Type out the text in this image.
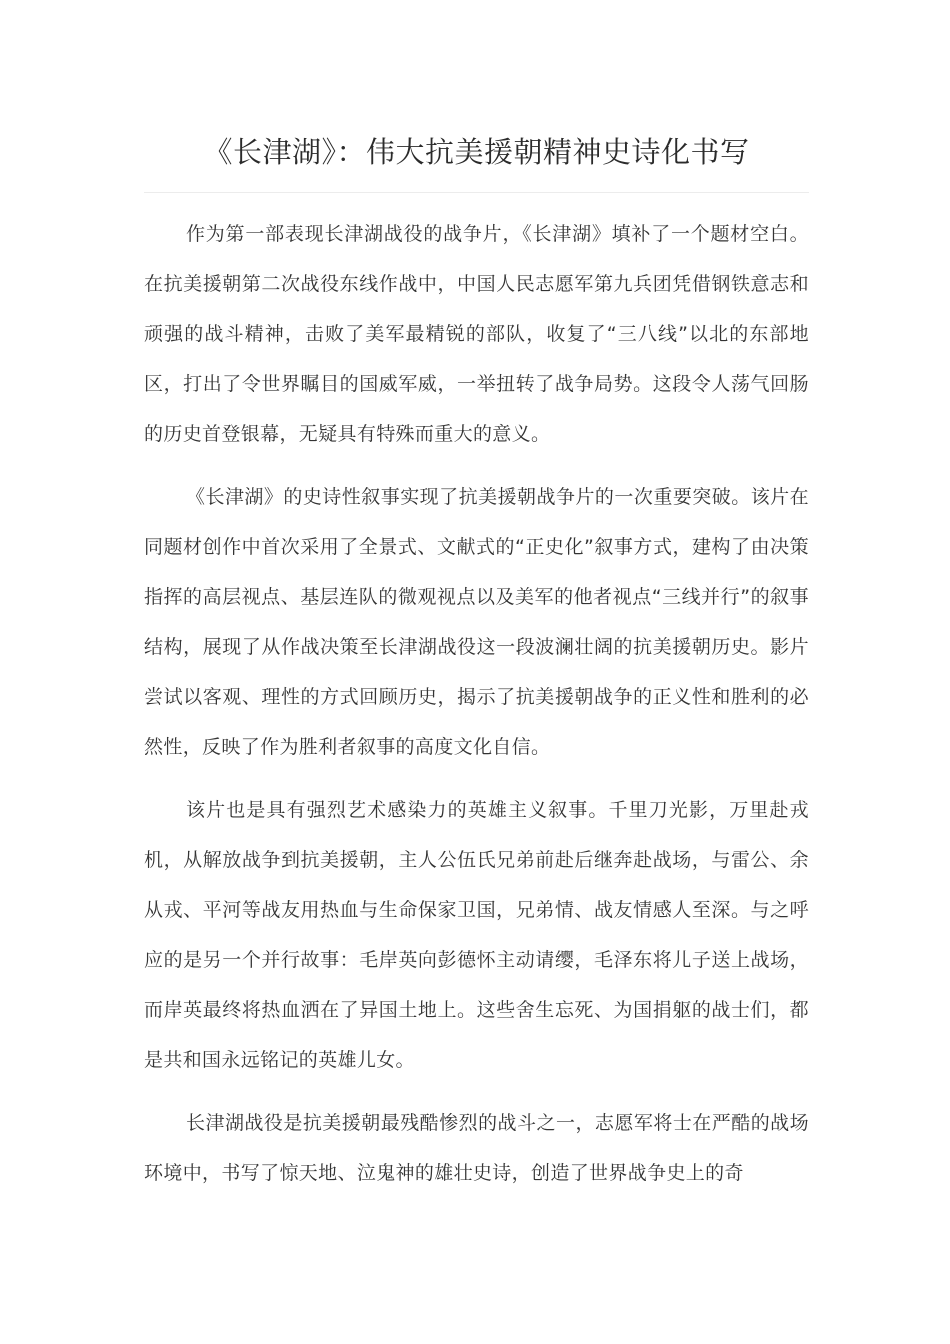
《长津湖》：伟大抗美援朝精神史诗化书写

作为第一部表现长津湖战役的战争片，《长津湖》填补了一个题材空白。在抗美援朝第二次战役东线作战中，中国人民志愿军第九兵团凭借钢铁意志和顽强的战斗精神，击败了美军最精锐的部队，收复了“三八线”以北的东部地区，打出了令世界瞩目的国威军威，一举扭转了战争局势。这段令人荡气回肠的历史首登银幕，无疑具有特殊而重大的意义。

《长津湖》的史诗性叙事实现了抗美援朝战争片的一次重要突破。该片在同题材创作中首次采用了全景式、文献式的“正史化”叙事方式，建构了由决策指挥的高层视点、基层连队的微观视点以及美军的他者视点“三线并行”的叙事结构，展现了从作战决策至长津湖战役这一段波澜壮阔的抗美援朝历史。影片尝试以客观、理性的方式回顾历史，揭示了抗美援朝战争的正义性和胜利的必然性，反映了作为胜利者叙事的高度文化自信。

该片也是具有强烈艺术感染力的英雄主义叙事。千里刀光影，万里赴戎机，从解放战争到抗美援朝，主人公伍氏兄弟前赴后继奔赴战场，与雷公、余从戎、平河等战友用热血与生命保家卫国，兄弟情、战友情感人至深。与之呼应的是另一个并行故事：毛岸英向彭德怀主动请缨，毛泽东将儿子送上战场，而岸英最终将热血洒在了异国土地上。这些舍生忘死、为国捐躯的战士们，都是共和国永远铭记的英雄儿女。

长津湖战役是抗美援朝最残酷惨烈的战斗之一，志愿军将士在严酷的战场环境中，书写了惊天地、泣鬼神的雄壮史诗，创造了世界战争史上的奇
